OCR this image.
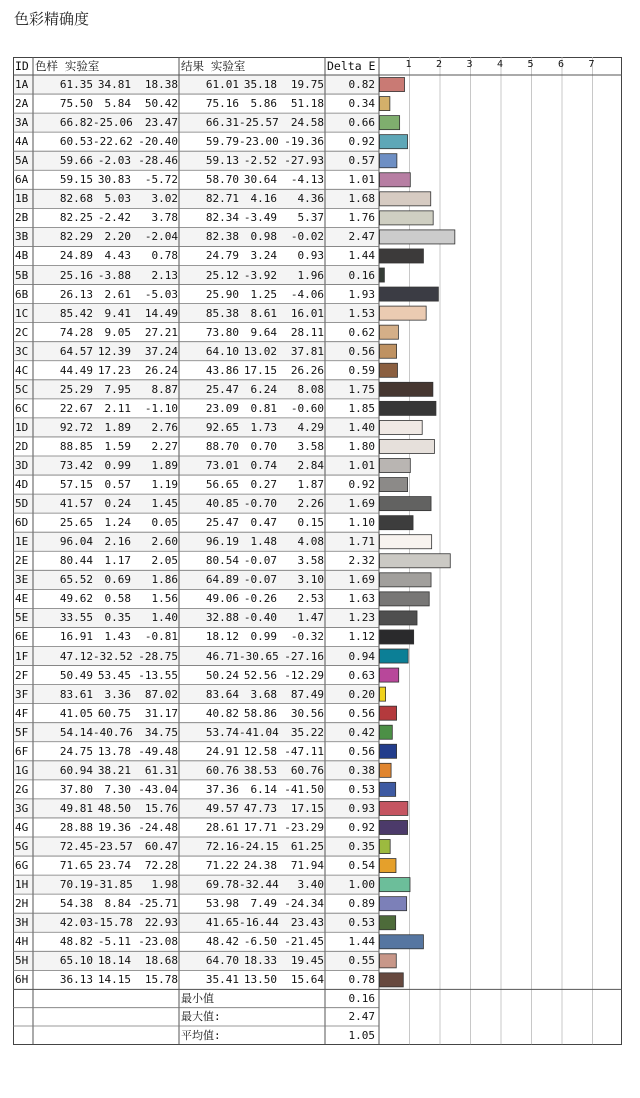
色彩精确度
ID 色样 实验室	结果 实验室	Delta E	1	2	3	4	5	6	7
1A	61.35 34.81	18.38	61.01 35.18	19.75	0.82
2A	75.50	5.84	50.42	75.16	5.86	51.18	0.34
3A	66.82 -25.06	23.47	66.31 -25.57	24.58	0.66
4A	60.53 -22.62 -20.40	59.79 -23.00 -19.36	0.92
5A	59.66 -2.03 -28.46	59.13 -2.52 -27.93	0.57
6A	59.15 30.83	-5.72	58.70 30.64	-4.13	1.01
1B	82.68	5.03	3.02	82.71	4.16	4.36	1.68
2B	82.25 -2.42	3.78	82.34 -3.49	5.37	1.76
3B	82.29	2.20	-2.04	82.38	0.98	-0.02	2.47
4B	24.89	4.43	0.78	24.79	3.24	0.93	1.44
5B	25.16 -3.88	2.13	25.12 -3.92	1.96	0.16
6B	26.13	2.61	-5.03	25.90	1.25	-4.06	1.93
1C	85.42	9.41	14.49	85.38	8.61	16.01	1.53
2C	74.28	9.05	27.21	73.80	9.64	28.11	0.62
3C	64.57 12.39	37.24	64.10 13.02	37.81	0.56
4C	44.49 17.23	26.24	43.86 17.15	26.26	0.59
5C	25.29	7.95	8.87	25.47	6.24	8.08	1.75
6C	22.67	2.11	-1.10	23.09	0.81	-0.60	1.85
1D	92.72	1.89	2.76	92.65	1.73	4.29	1.40
2D	88.85	1.59	2.27	88.70	0.70	3.58	1.80
3D	73.42	0.99	1.89	73.01	0.74	2.84	1.01
4D	57.15	0.57	1.19	56.65	0.27	1.87	0.92
5D	41.57	0.24	1.45	40.85 -0.70	2.26	1.69
6D	25.65	1.24	0.05	25.47	0.47	0.15	1.10
1E	96.04	2.16	2.60	96.19	1.48	4.08	1.71
2E	80.44	1.17	2.05	80.54 -0.07	3.58	2.32
3E	65.52	0.69	1.86	64.89 -0.07	3.10	1.69
4E	49.62	0.58	1.56	49.06 -0.26	2.53	1.63
5E	33.55	0.35	1.40	32.88 -0.40	1.47	1.23
6E	16.91	1.43	-0.81	18.12	0.99	-0.32	1.12
1F	47.12 -32.52 -28.75	46.71 -30.65 -27.16	0.94
2F	50.49 53.45 -13.55	50.24 52.56 -12.29	0.63
3F	83.61	3.36	87.02	83.64	3.68	87.49	0.20
4F	41.05 60.75	31.17	40.82 58.86	30.56	0.56
5F	54.14 -40.76	34.75	53.74 -41.04	35.22	0.42
6F	24.75 13.78 -49.48	24.91 12.58 -47.11	0.56
1G	60.94 38.21	61.31	60.76 38.53	60.76	0.38
2G	37.80	7.30 -43.04	37.36	6.14 -41.50	0.53
3G	49.81 48.50	15.76	49.57 47.73	17.15	0.93
4G	28.88 19.36 -24.48	28.61 17.71 -23.29	0.92
5G	72.45 -23.57	60.47	72.16 -24.15	61.25	0.35
6G	71.65 23.74	72.28	71.22 24.38	71.94	0.54
1H	70.19 -31.85	1.98	69.78 -32.44	3.40	1.00
2H	54.38	8.84 -25.71	53.98	7.49 -24.34	0.89
3H	42.03 -15.78	22.93	41.65 -16.44	23.43	0.53
4H	48.82 -5.11 -23.08	48.42 -6.50 -21.45	1.44
5H	65.10 18.14	18.68	64.70 18.33	19.45	0.55
6H	36.13 14.15	15.78	35.41 13.50	15.64	0.78
最小值	0.16
最大值:	2.47
平均值:	1.05
